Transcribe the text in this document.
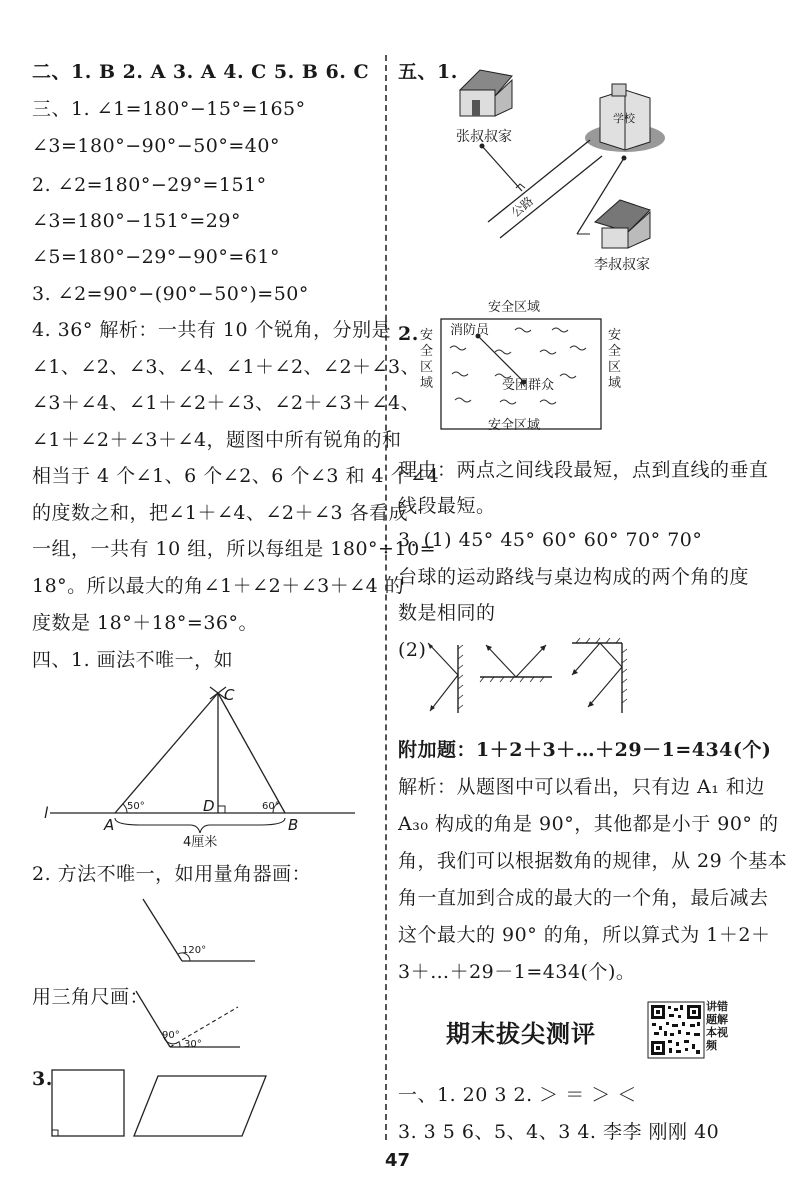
二、1. B 2. A 3. A 4. C 5. B 6. C
三、1. ∠1=180°−15°=165°
∠3=180°−90°−50°=40°
2. ∠2=180°−29°=151°
∠3=180°−151°=29°
∠5=180°−29°−90°=61°
3. ∠2=90°−(90°−50°)=50°
4. 36° 解析：一共有 10 个锐角，分别是
∠1、∠2、∠3、∠4、∠1＋∠2、∠2＋∠3、
∠3＋∠4、∠1＋∠2＋∠3、∠2＋∠3＋∠4、
∠1＋∠2＋∠3＋∠4，题图中所有锐角的和
相当于 4 个∠1、6 个∠2、6 个∠3 和 4 个∠4
的度数之和，把∠1＋∠4、∠2＋∠3 各看成
一组，一共有 10 组，所以每组是 180°÷10=
18°。所以最大的角∠1＋∠2＋∠3＋∠4 的
度数是 18°＋18°=36°。
四、1. 画法不唯一，如
C
D
A	B
l	50°	60°
4厘米
2. 方法不唯一，如用量角器画：
120°
用三角尺画：
90°
30°
3.
五、1.
张叔叔家
学校
公路
李叔叔家
2.
安全区域
安全区域
安全区域
安全区域
消防员
受困群众
理由：两点之间线段最短，点到直线的垂直
线段最短。
3. (1) 45° 45° 60° 60° 70° 70°
台球的运动路线与桌边构成的两个角的度
数是相同的
(2)
附加题：1＋2＋3＋…＋29－1=434(个)
解析：从题图中可以看出，只有边 A₁ 和边
A₃₀ 构成的角是 90°，其他都是小于 90° 的
角，我们可以根据数角的规律，从 29 个基本
角一直加到合成的最大的一个角，最后减去
这个最大的 90° 的角，所以算式为 1＋2＋
3＋…＋29－1=434(个)。
期末拔尖测评
讲错题解本视频
一、1. 20 3 2. ＞ ＝ ＞ ＜
3. 3 5 6、5、4、3 4. 李李 刚刚 40
47
